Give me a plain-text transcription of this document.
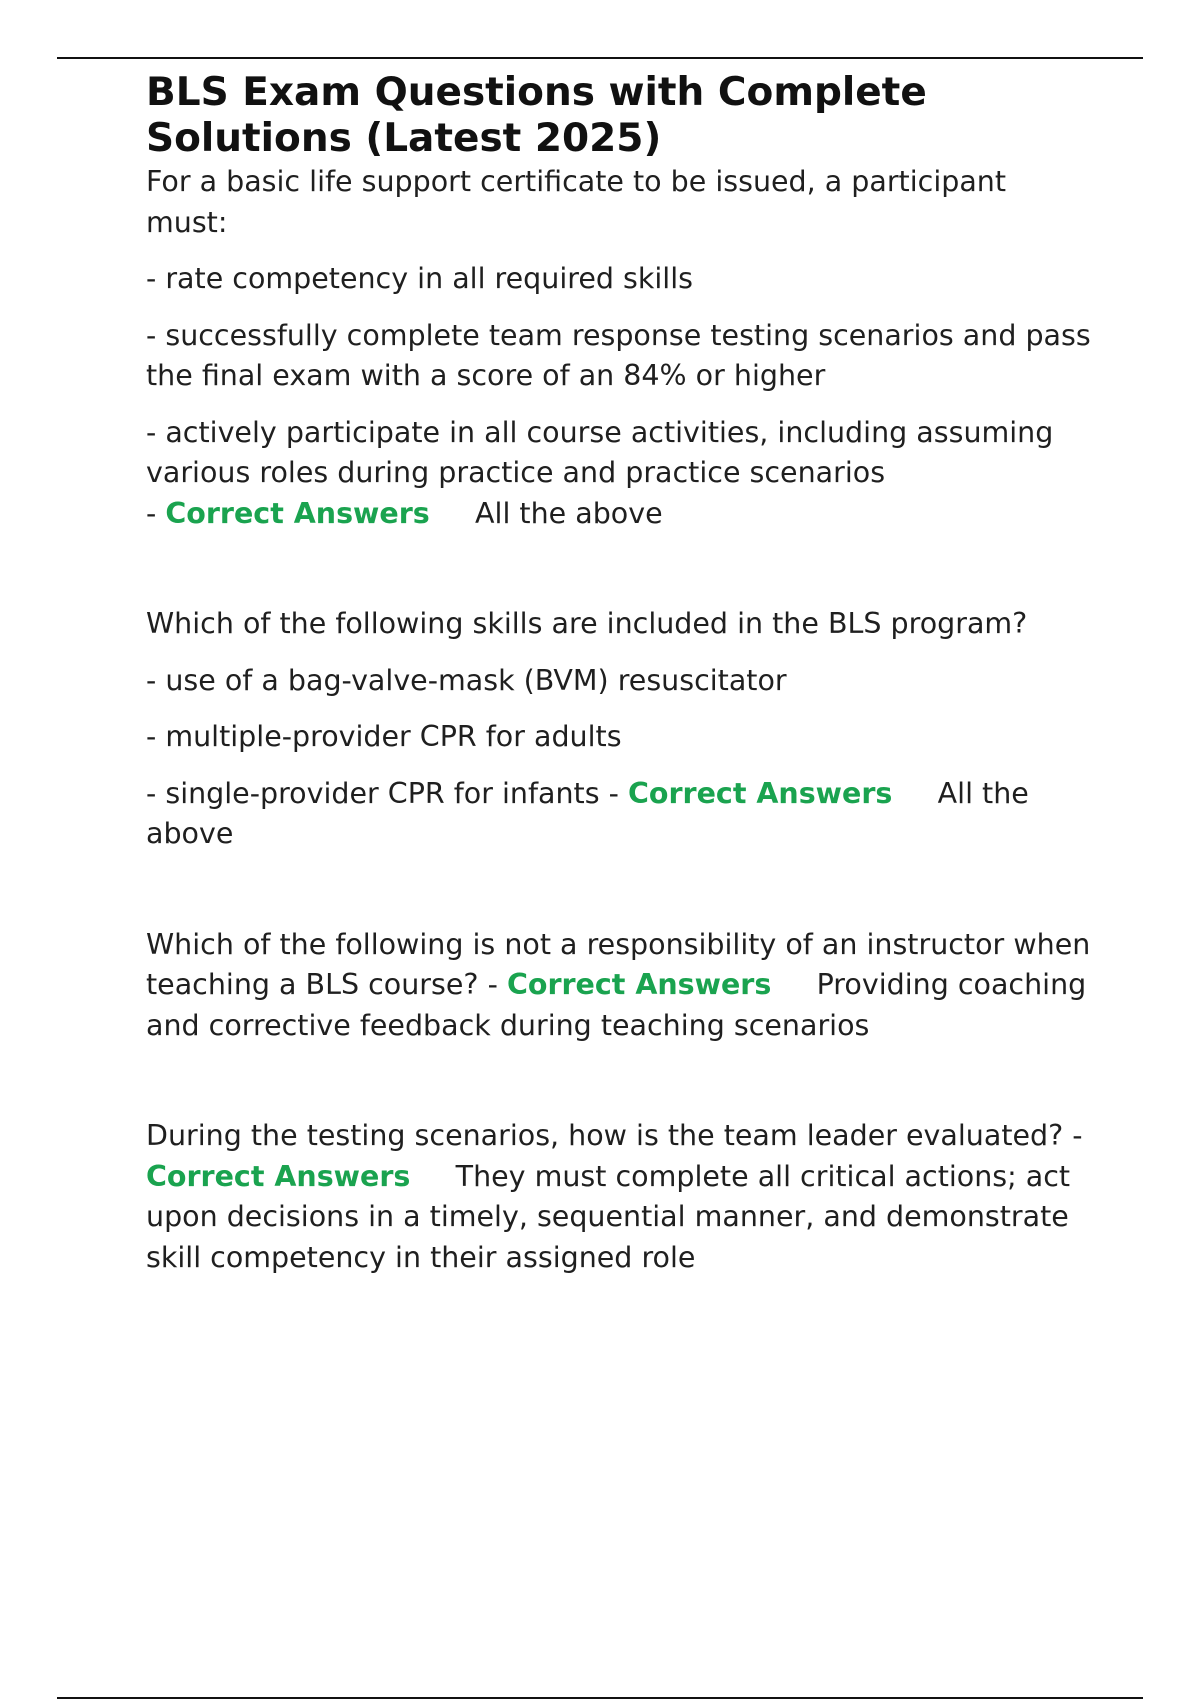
BLS Exam Questions with Complete
Solutions (Latest 2025)

For a basic life support certificate to be issued, a participant must:

- rate competency in all required skills

- successfully complete team response testing scenarios and pass the final exam with a score of an 84% or higher

- actively participate in all course activities, including assuming various roles during practice and practice scenarios
- Correct Answers All the above

Which of the following skills are included in the BLS program?

- use of a bag-valve-mask (BVM) resuscitator

- multiple-provider CPR for adults

- single-provider CPR for infants - Correct Answers All the above

Which of the following is not a responsibility of an instructor when teaching a BLS course? - Correct Answers Providing coaching and corrective feedback during teaching scenarios

During the testing scenarios, how is the team leader evaluated? - Correct Answers They must complete all critical actions; act upon decisions in a timely, sequential manner, and demonstrate skill competency in their assigned role
